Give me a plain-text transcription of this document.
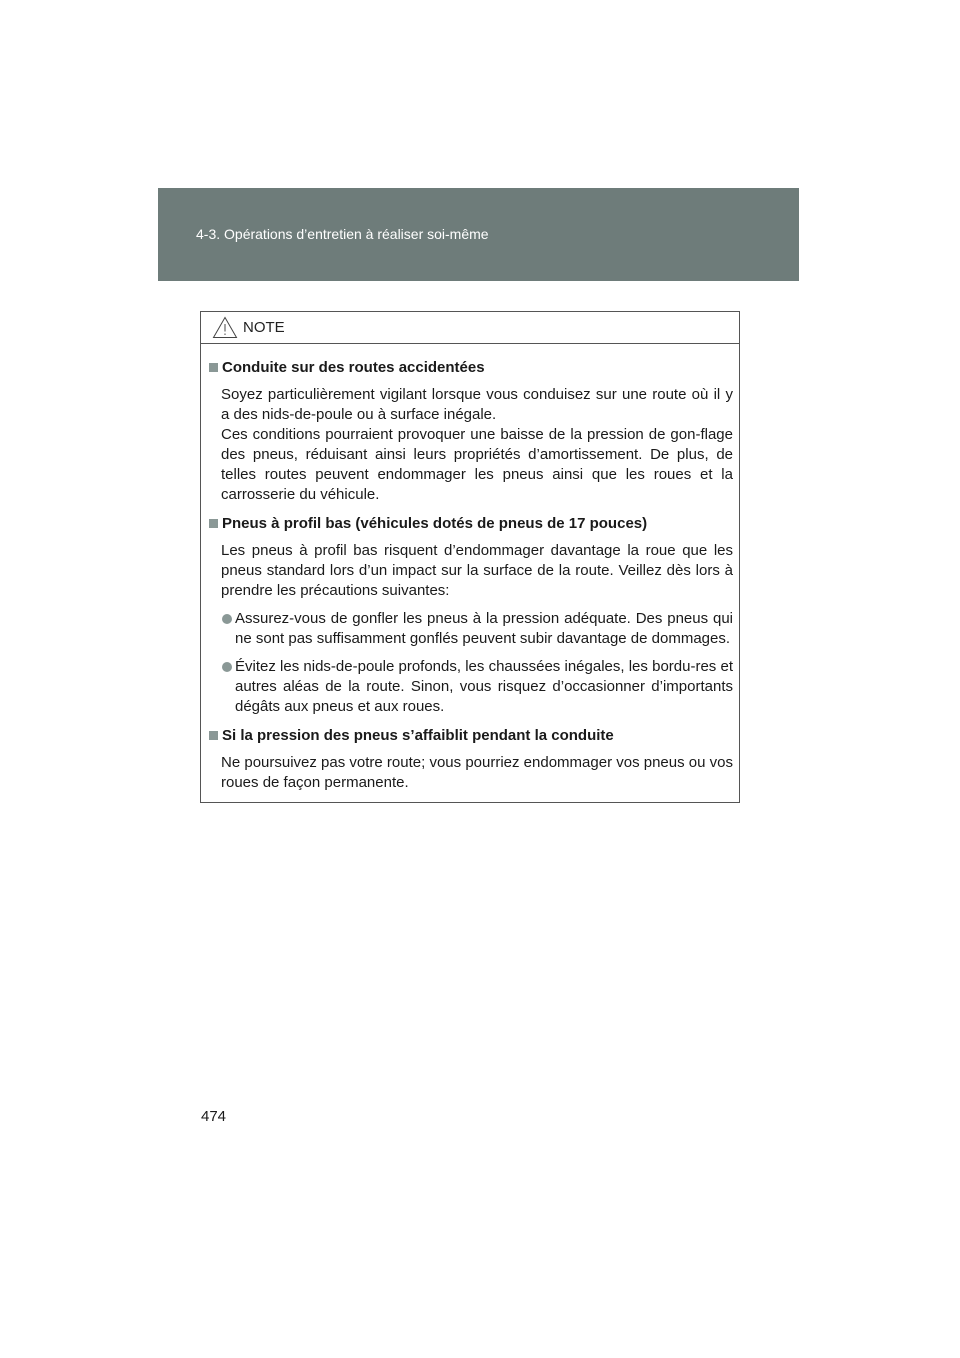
4-3. Opérations d’entretien à réaliser soi-même
NOTE
Conduite sur des routes accidentées
Soyez particulièrement vigilant lorsque vous conduisez sur une route où il y a des nids-de-poule ou à surface inégale.
Ces conditions pourraient provoquer une baisse de la pression de gon-flage des pneus, réduisant ainsi leurs propriétés d’amortissement. De plus, de telles routes peuvent endommager les pneus ainsi que les roues et la carrosserie du véhicule.
Pneus à profil bas (véhicules dotés de pneus de 17 pouces)
Les pneus à profil bas risquent d’endommager davantage la roue que les pneus standard lors d’un impact sur la surface de la route. Veillez dès lors à prendre les précautions suivantes:
Assurez-vous de gonfler les pneus à la pression adéquate. Des pneus qui ne sont pas suffisamment gonflés peuvent subir davantage de dommages.
Évitez les nids-de-poule profonds, les chaussées inégales, les bordu-res et autres aléas de la route. Sinon, vous risquez d’occasionner d’importants dégâts aux pneus et aux roues.
Si la pression des pneus s’affaiblit pendant la conduite
Ne poursuivez pas votre route; vous pourriez endommager vos pneus ou vos roues de façon permanente.
474
